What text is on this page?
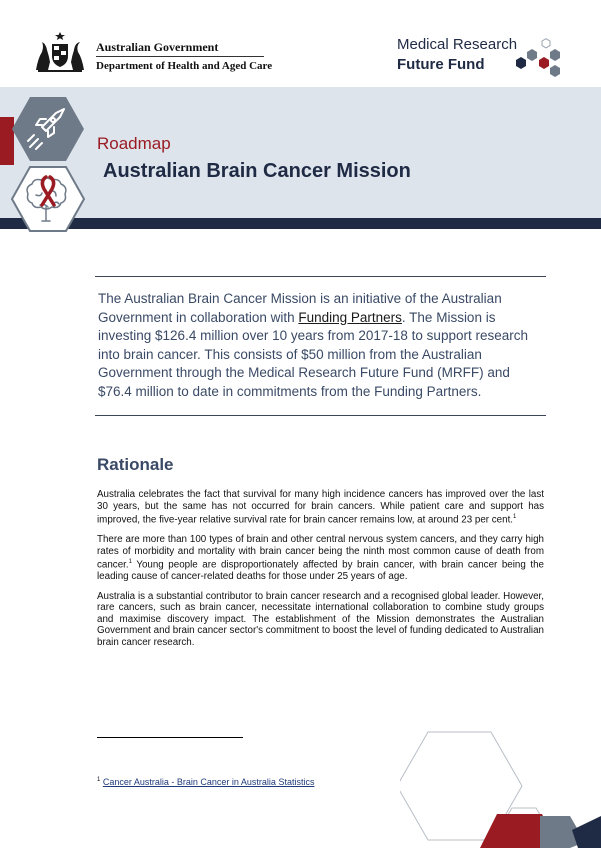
Australian Government
Department of Health and Aged Care
Medical Research
Future Fund
Roadmap
Australian Brain Cancer Mission

The Australian Brain Cancer Mission is an initiative of the Australian Government in collaboration with Funding Partners. The Mission is investing $126.4 million over 10 years from 2017-18 to support research into brain cancer. This consists of $50 million from the Australian Government through the Medical Research Future Fund (MRFF) and $76.4 million to date in commitments from the Funding Partners.

Rationale

Australia celebrates the fact that survival for many high incidence cancers has improved over the last 30 years, but the same has not occurred for brain cancers. While patient care and support has improved, the five-year relative survival rate for brain cancer remains low, at around 23 per cent.$^1$

There are more than 100 types of brain and other central nervous system cancers, and they carry high rates of morbidity and mortality with brain cancer being the ninth most common cause of death from cancer.$^1$ Young people are disproportionately affected by brain cancer, with brain cancer being the leading cause of cancer-related deaths for those under 25 years of age.

Australia is a substantial contributor to brain cancer research and a recognised global leader. However, rare cancers, such as brain cancer, necessitate international collaboration to combine study groups and maximise discovery impact. The establishment of the Mission demonstrates the Australian Government and brain cancer sector's commitment to boost the level of funding dedicated to Australian brain cancer research.

$^1$ Cancer Australia - Brain Cancer in Australia Statistics
